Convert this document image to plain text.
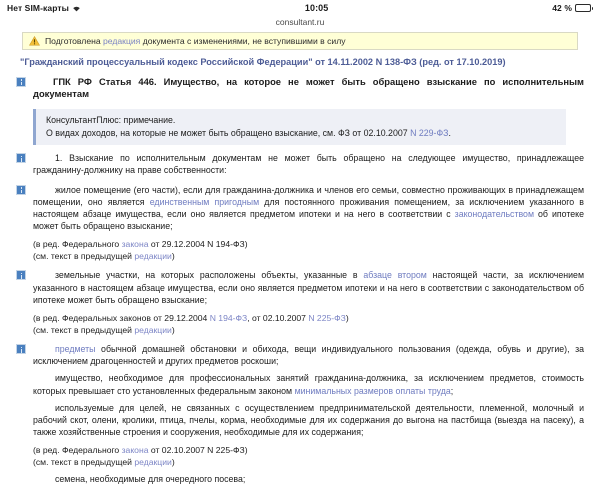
Нет SIM-карты	10:05	42 %
consultant.ru
Подготовлена редакция документа с изменениями, не вступившими в силу
"Гражданский процессуальный кодекс Российской Федерации" от 14.11.2002 N 138-ФЗ (ред. от 17.10.2019)
ГПК РФ Статья 446. Имущество, на которое не может быть обращено взыскание по исполнительным документам
КонсультантПлюс: примечание.
О видах доходов, на которые не может быть обращено взыскание, см. ФЗ от 02.10.2007 N 229-ФЗ.

1. Взыскание по исполнительным документам не может быть обращено на следующее имущество, принадлежащее гражданину-должнику на праве собственности:

жилое помещение (его части), если для гражданина-должника и членов его семьи, совместно проживающих в принадлежащем помещении, оно является единственным пригодным для постоянного проживания помещением, за исключением указанного в настоящем абзаце имущества, если оно является предметом ипотеки и на него в соответствии с законодательством об ипотеке может быть обращено взыскание;

(в ред. Федерального закона от 29.12.2004 N 194-ФЗ)
(см. текст в предыдущей редакции)

земельные участки, на которых расположены объекты, указанные в абзаце втором настоящей части, за исключением указанного в настоящем абзаце имущества, если оно является предметом ипотеки и на него в соответствии с законодательством об ипотеке может быть обращено взыскание;

(в ред. Федеральных законов от 29.12.2004 N 194-ФЗ, от 02.10.2007 N 225-ФЗ)
(см. текст в предыдущей редакции)

предметы обычной домашней обстановки и обихода, вещи индивидуального пользования (одежда, обувь и другие), за исключением драгоценностей и других предметов роскоши;

имущество, необходимое для профессиональных занятий гражданина-должника, за исключением предметов, стоимость которых превышает сто установленных федеральным законом минимальных размеров оплаты труда;

используемые для целей, не связанных с осуществлением предпринимательской деятельности, племенной, молочный и рабочий скот, олени, кролики, птица, пчелы, корма, необходимые для их содержания до выгона на пастбища (выезда на пасеку), а также хозяйственные строения и сооружения, необходимые для их содержания;

(в ред. Федерального закона от 02.10.2007 N 225-ФЗ)
(см. текст в предыдущей редакции)

семена, необходимые для очередного посева;
